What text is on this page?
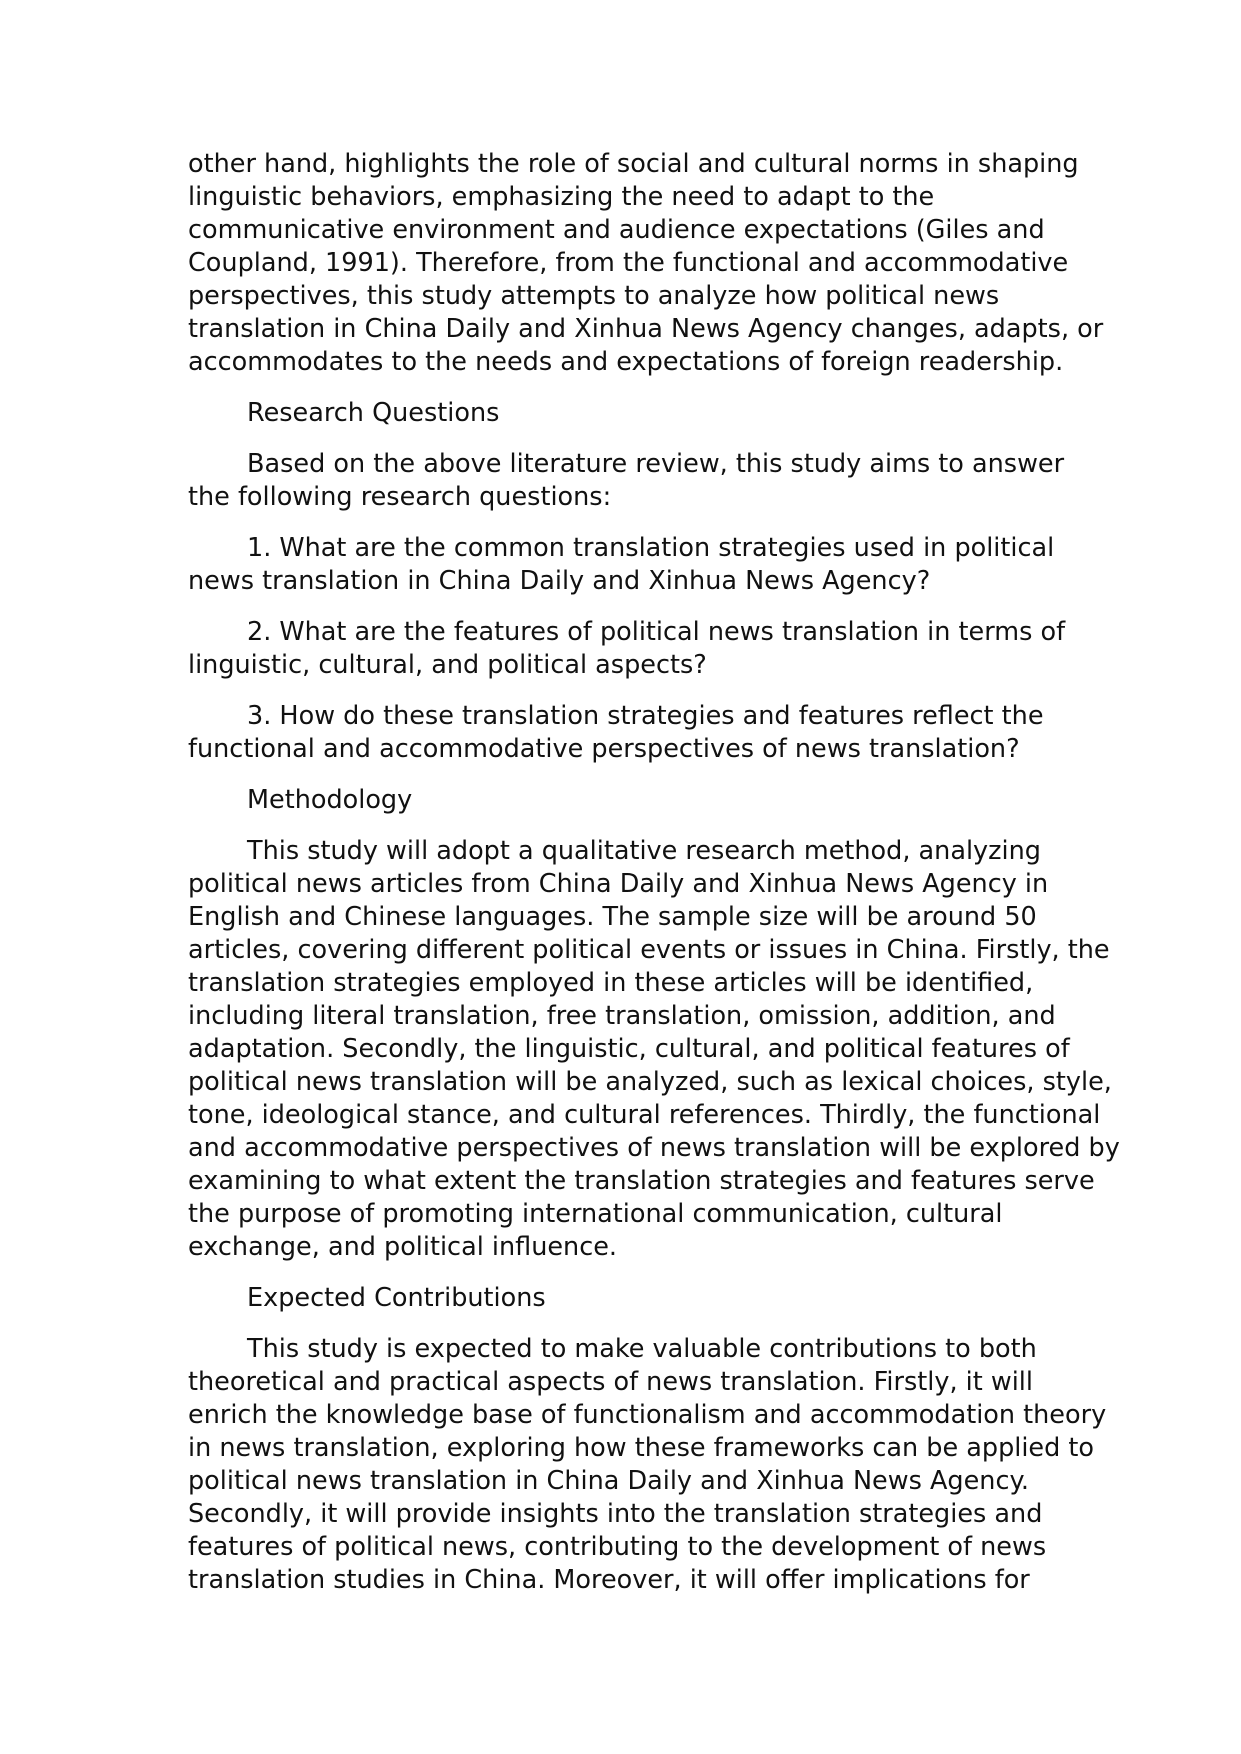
other hand, highlights the role of social and cultural norms in shaping
linguistic behaviors, emphasizing the need to adapt to the
communicative environment and audience expectations (Giles and
Coupland, 1991). Therefore, from the functional and accommodative
perspectives, this study attempts to analyze how political news
translation in China Daily and Xinhua News Agency changes, adapts, or
accommodates to the needs and expectations of foreign readership.
Research Questions
Based on the above literature review, this study aims to answer
the following research questions:
1. What are the common translation strategies used in political
news translation in China Daily and Xinhua News Agency?
2. What are the features of political news translation in terms of
linguistic, cultural, and political aspects?
3. How do these translation strategies and features reflect the
functional and accommodative perspectives of news translation?
Methodology
This study will adopt a qualitative research method, analyzing
political news articles from China Daily and Xinhua News Agency in
English and Chinese languages. The sample size will be around 50
articles, covering different political events or issues in China. Firstly, the
translation strategies employed in these articles will be identified,
including literal translation, free translation, omission, addition, and
adaptation. Secondly, the linguistic, cultural, and political features of
political news translation will be analyzed, such as lexical choices, style,
tone, ideological stance, and cultural references. Thirdly, the functional
and accommodative perspectives of news translation will be explored by
examining to what extent the translation strategies and features serve
the purpose of promoting international communication, cultural
exchange, and political influence.
Expected Contributions
This study is expected to make valuable contributions to both
theoretical and practical aspects of news translation. Firstly, it will
enrich the knowledge base of functionalism and accommodation theory
in news translation, exploring how these frameworks can be applied to
political news translation in China Daily and Xinhua News Agency.
Secondly, it will provide insights into the translation strategies and
features of political news, contributing to the development of news
translation studies in China. Moreover, it will offer implications for
